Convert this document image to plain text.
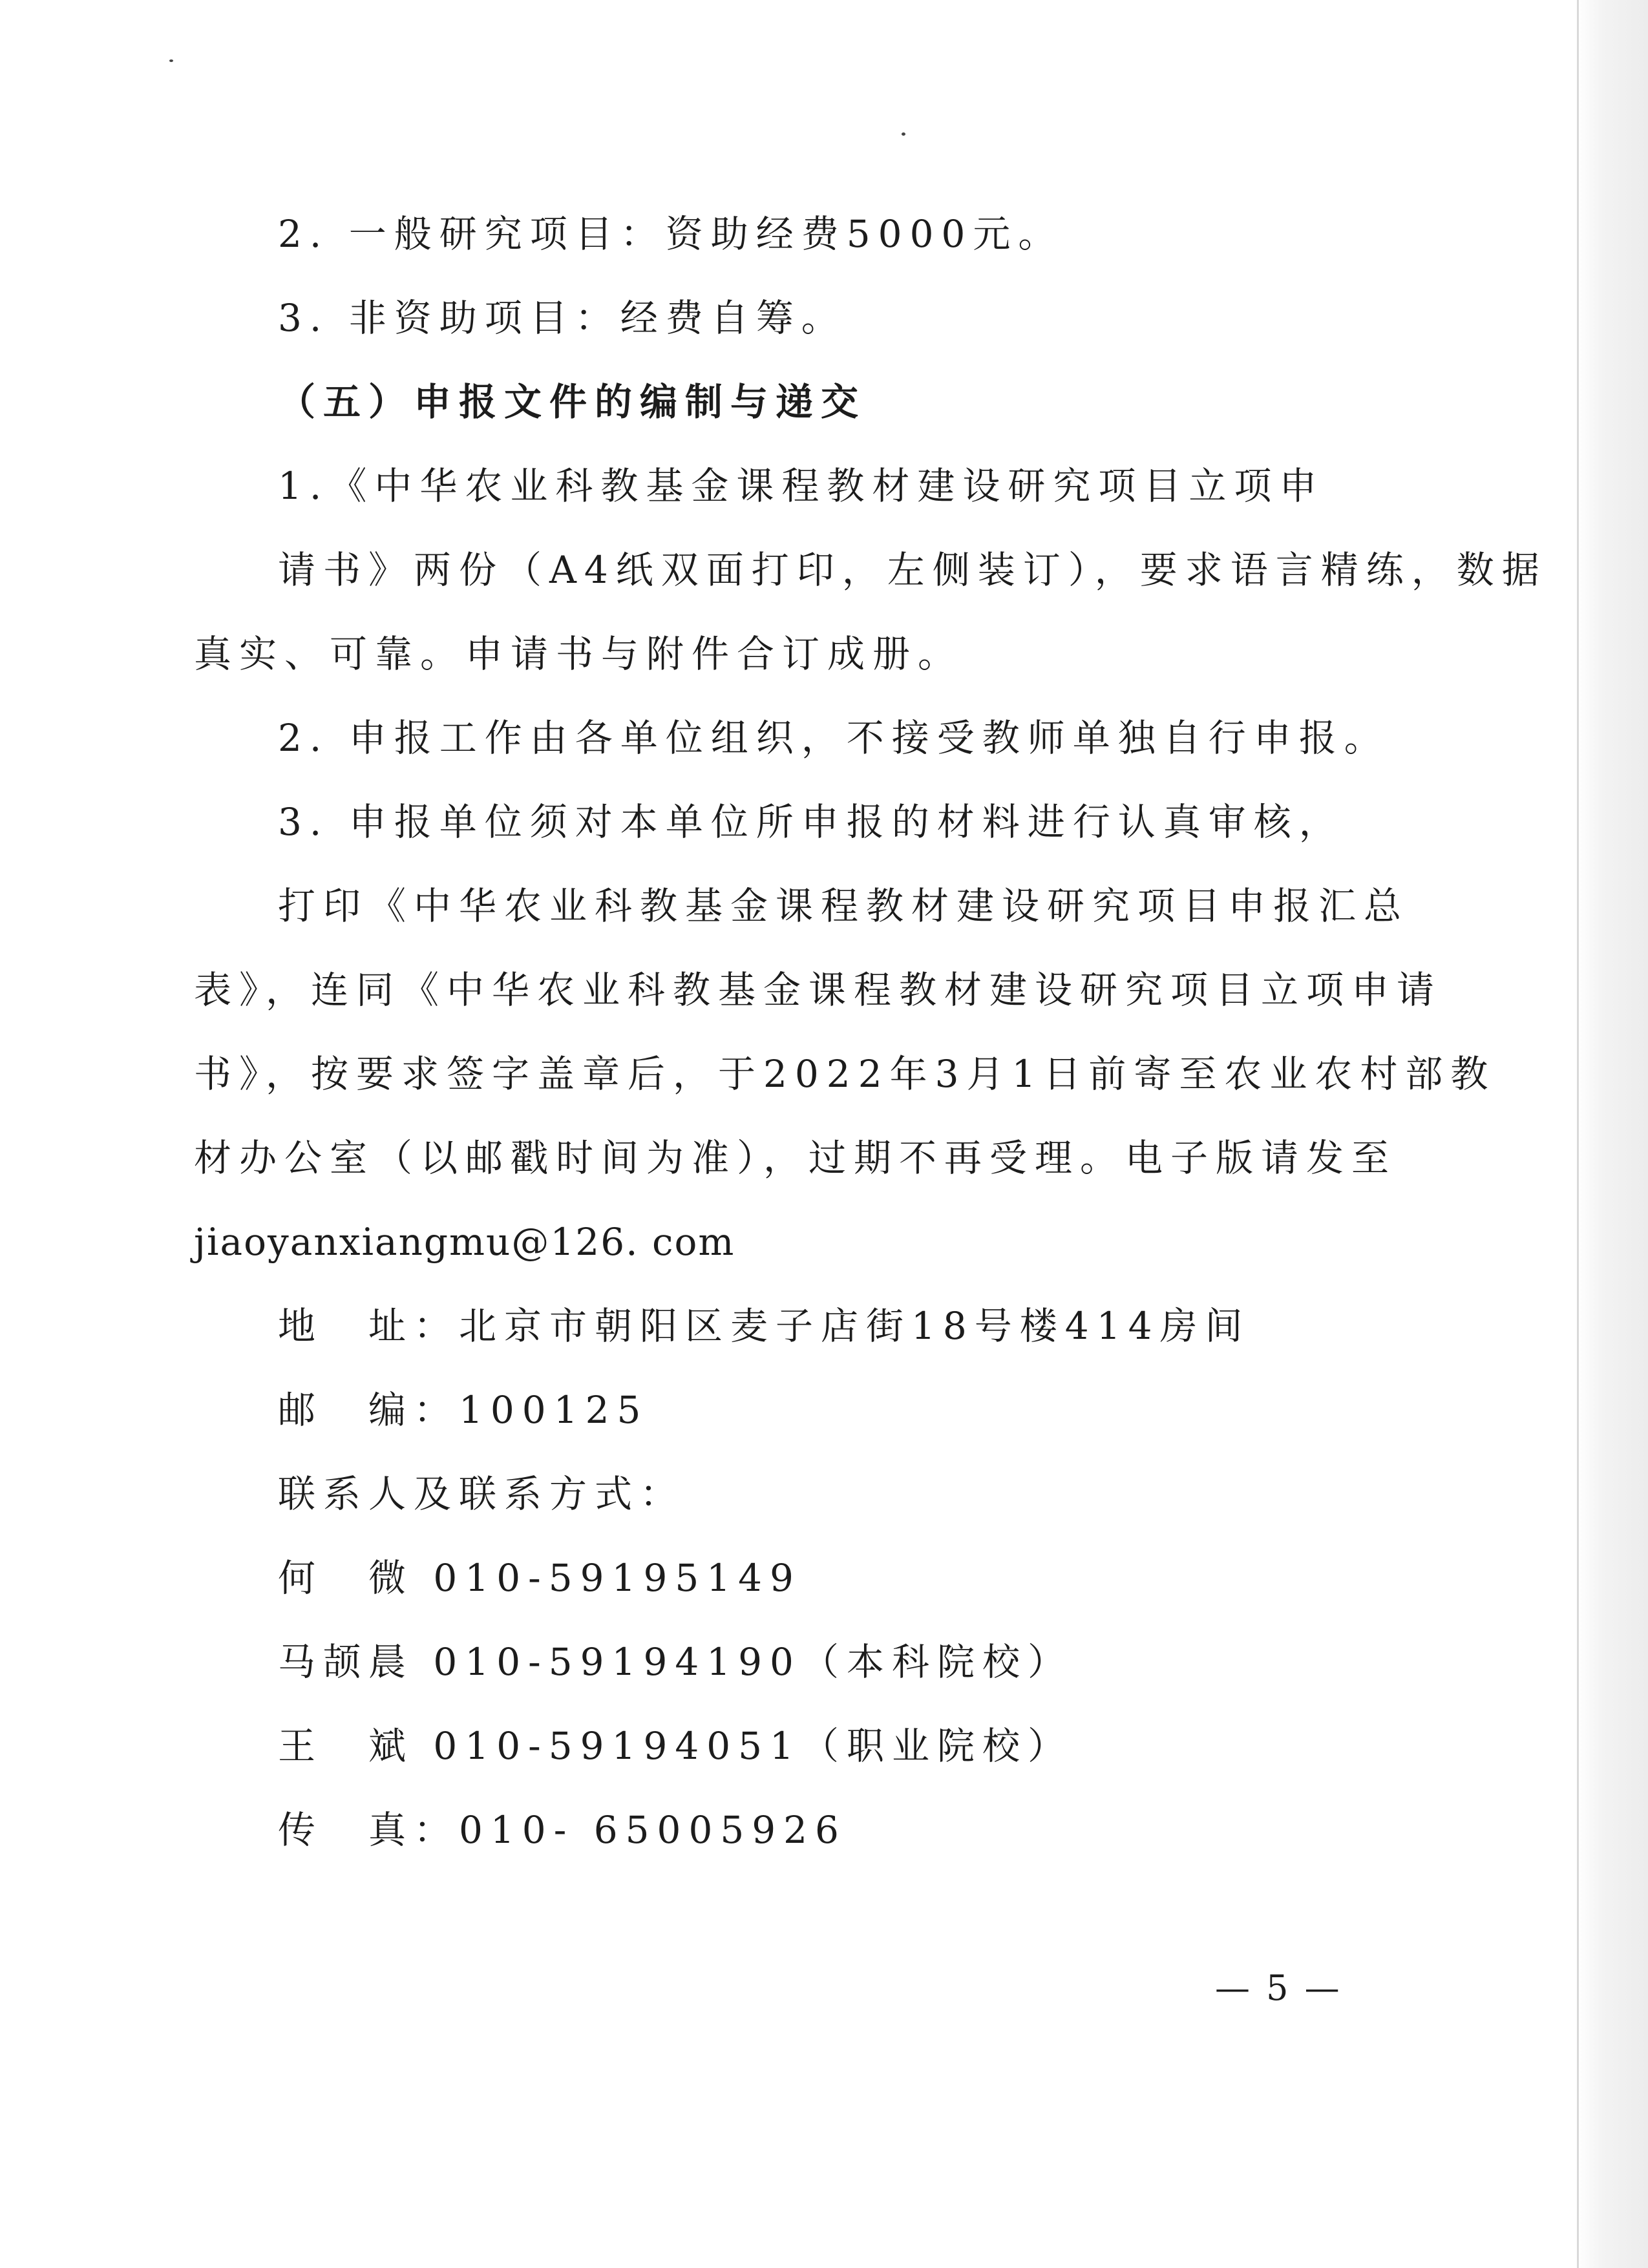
2. 一般研究项目：资助经费5000元。
3. 非资助项目：经费自筹。
（五）申报文件的编制与递交
1.《中华农业科教基金课程教材建设研究项目立项申
请书》两份（A4纸双面打印，左侧装订），要求语言精练，数据
真实、可靠。申请书与附件合订成册。
2. 申报工作由各单位组织，不接受教师单独自行申报。
3. 申报单位须对本单位所申报的材料进行认真审核，
打印《中华农业科教基金课程教材建设研究项目申报汇总
表》，连同《中华农业科教基金课程教材建设研究项目立项申请
书》，按要求签字盖章后，于2022年3月1日前寄至农业农村部教
材办公室（以邮戳时间为准），过期不再受理。电子版请发至
jiaoyanxiangmu@126. com
地　址：北京市朝阳区麦子店街18号楼414房间
邮　编：100125
联系人及联系方式：
何　微 010-59195149
马颉晨 010-59194190（本科院校）
王　斌 010-59194051（职业院校）
传　真：010- 65005926
— 5 —
